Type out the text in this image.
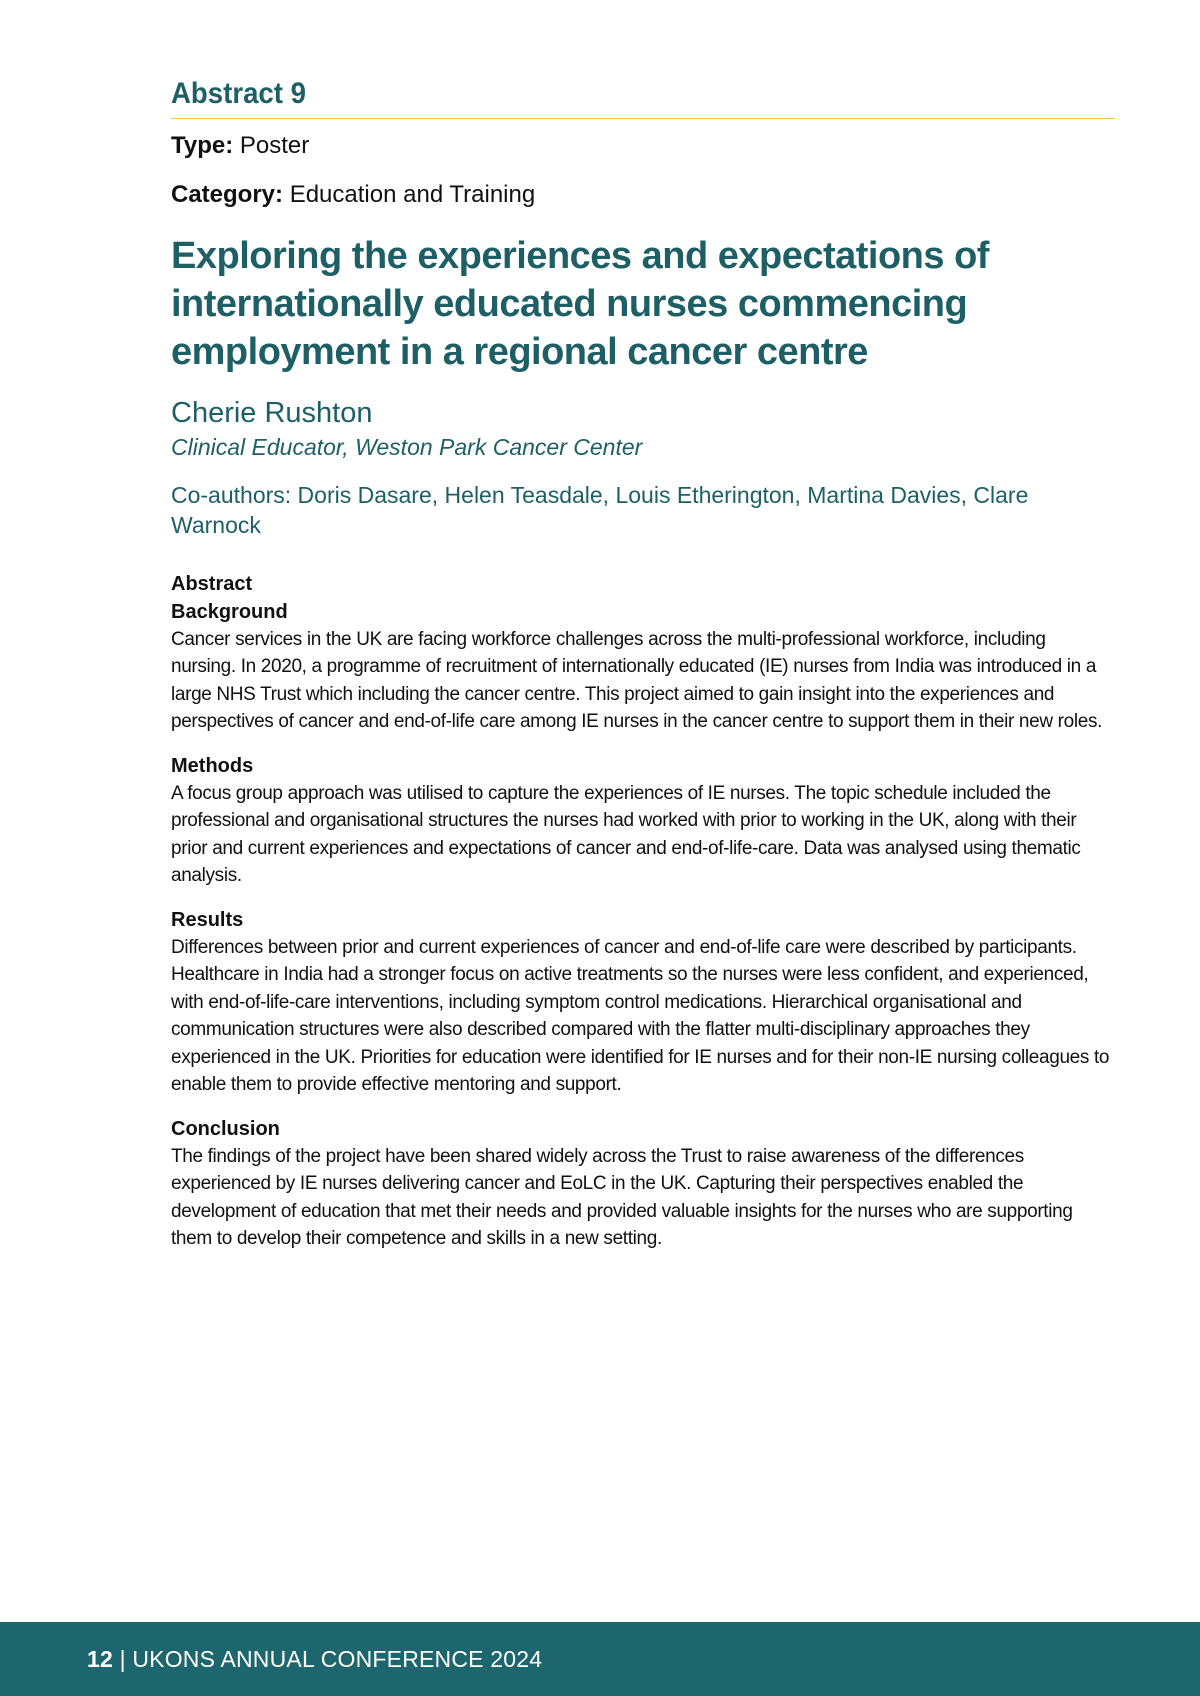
Abstract 9

Type: Poster

Category: Education and Training

Exploring the experiences and expectations of internationally educated nurses commencing employment in a regional cancer centre

Cherie Rushton

Clinical Educator, Weston Park Cancer Center

Co-authors: Doris Dasare, Helen Teasdale, Louis Etherington, Martina Davies, Clare Warnock

Abstract

Background

Cancer services in the UK are facing workforce challenges across the multi-professional workforce, including nursing. In 2020, a programme of recruitment of internationally educated (IE) nurses from India was introduced in a large NHS Trust which including the cancer centre. This project aimed to gain insight into the experiences and perspectives of cancer and end-of-life care among IE nurses in the cancer centre to support them in their new roles.

Methods

A focus group approach was utilised to capture the experiences of IE nurses. The topic schedule included the professional and organisational structures the nurses had worked with prior to working in the UK, along with their prior and current experiences and expectations of cancer and end-of-life-care. Data was analysed using thematic analysis.

Results

Differences between prior and current experiences of cancer and end-of-life care were described by participants. Healthcare in India had a stronger focus on active treatments so the nurses were less confident, and experienced, with end-of-life-care interventions, including symptom control medications. Hierarchical organisational and communication structures were also described compared with the flatter multi-disciplinary approaches they experienced in the UK. Priorities for education were identified for IE nurses and for their non-IE nursing colleagues to enable them to provide effective mentoring and support.

Conclusion

The findings of the project have been shared widely across the Trust to raise awareness of the differences experienced by IE nurses delivering cancer and EoLC in the UK. Capturing their perspectives enabled the development of education that met their needs and provided valuable insights for the nurses who are supporting them to develop their competence and skills in a new setting.

12 | UKONS ANNUAL CONFERENCE 2024
